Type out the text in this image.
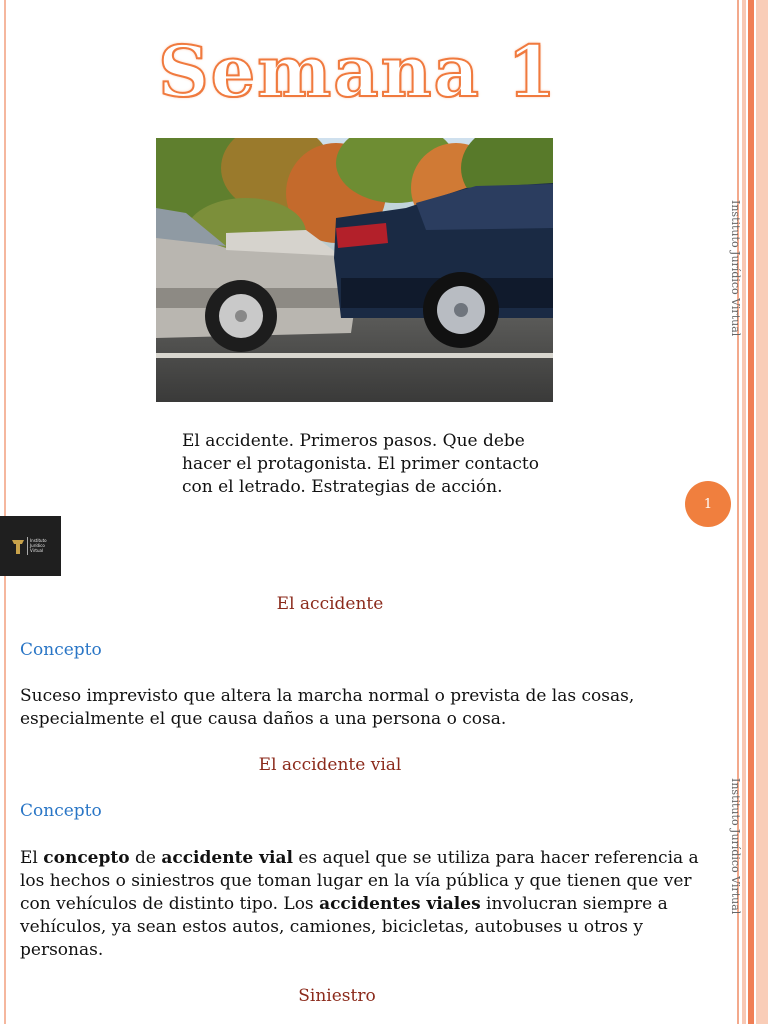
Semana 1

El accidente. Primeros pasos. Que debe hacer el protagonista. El primer contacto con el letrado. Estrategias de acción.

Instituto Jurídico Virtual
1
Instituto
Jurídico
Virtual

El accidente

Concepto

Suceso imprevisto que altera la marcha normal o prevista de las cosas, especialmente el que causa daños a una persona o cosa.

El accidente vial

Concepto

El concepto de accidente vial es aquel que se utiliza para hacer referencia a los hechos o siniestros que toman lugar en la vía pública y que tienen que ver con vehículos de distinto tipo. Los accidentes viales involucran siempre a vehículos, ya sean estos autos, camiones, bicicletas, autobuses u otros y personas.

Siniestro

Instituto Jurídico Virtual
